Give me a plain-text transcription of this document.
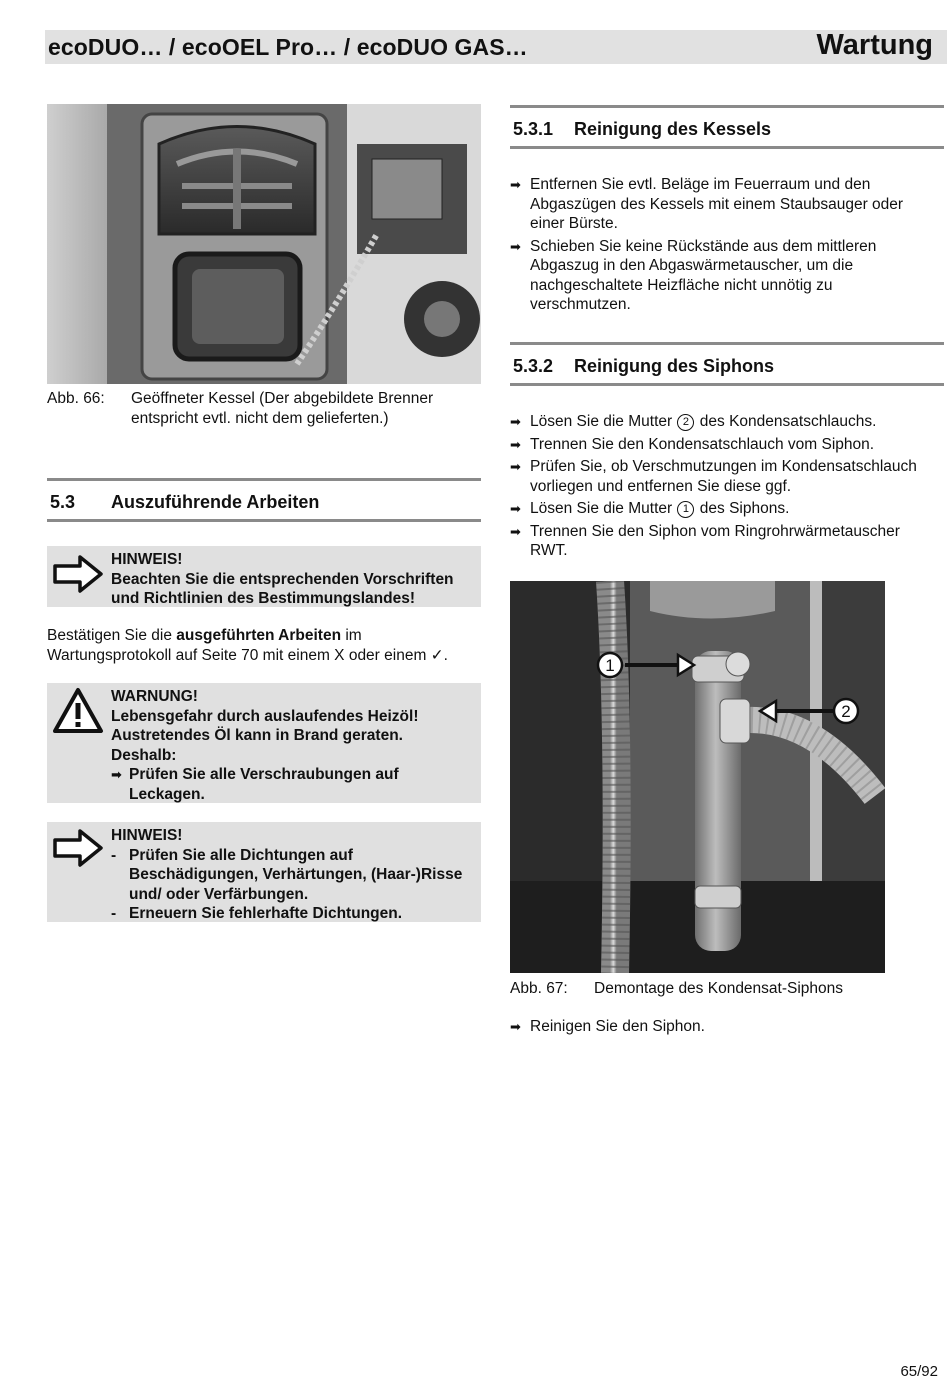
ecoDUO… / ecoOEL Pro… / ecoDUO GAS…	Wartung
Abb. 66: Geöffneter Kessel (Der abgebildete Brenner entspricht evtl. nicht dem gelieferten.)
5.3 Auszuführende Arbeiten
HINWEIS!
Beachten Sie die entsprechenden Vorschriften und Richtlinien des Bestimmungslandes!
Bestätigen Sie die ausgeführten Arbeiten im Wartungsprotokoll auf Seite 70 mit einem X oder einem ✓.
WARNUNG!
Lebensgefahr durch auslaufendes Heizöl!
Austretendes Öl kann in Brand geraten.
Deshalb:
➡ Prüfen Sie alle Verschraubungen auf Leckagen.
HINWEIS!
- Prüfen Sie alle Dichtungen auf Beschädigungen, Verhärtungen, (Haar-)Risse und/ oder Verfärbungen.
- Erneuern Sie fehlerhafte Dichtungen.
5.3.1 Reinigung des Kessels
➡ Entfernen Sie evtl. Beläge im Feuerraum und den Abgaszügen des Kessels mit einem Staubsauger oder einer Bürste.
➡ Schieben Sie keine Rückstände aus dem mittleren Abgaszug in den Abgaswärmetauscher, um die nachgeschaltete Heizfläche nicht unnötig zu verschmutzen.
5.3.2 Reinigung des Siphons
➡ Lösen Sie die Mutter 2 des Kondensatschlauchs.
➡ Trennen Sie den Kondensatschlauch vom Siphon.
➡ Prüfen Sie, ob Verschmutzungen im Kondensatschlauch vorliegen und entfernen Sie diese ggf.
➡ Lösen Sie die Mutter 1 des Siphons.
➡ Trennen Sie den Siphon vom Ringrohrwärmetauscher RWT.
1
2
Abb. 67: Demontage des Kondensat-Siphons
➡ Reinigen Sie den Siphon.
65/92
